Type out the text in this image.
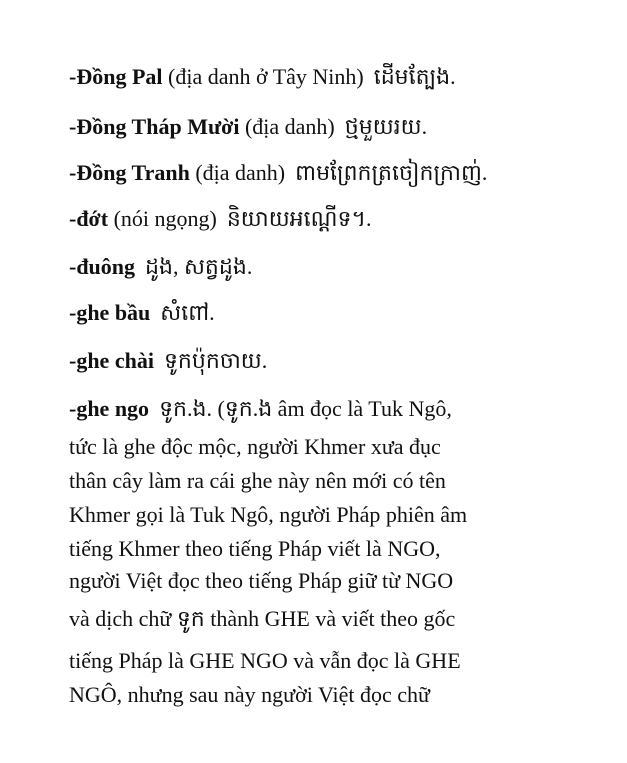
-Đồng Pal (địa danh ở Tây Ninh) ដើមត្បែង.
-Đồng Tháp Mười (địa danh) ថ្មមួយរយ.
-Đồng Tranh (địa danh) ពាមព្រែកត្រចៀកក្រាញ់.
-đớt (nói ngọng) និយាយអណ្តើទ។.
-đuông ដូង, សត្វដូង.
-ghe bầu សំពៅ.
-ghe chài ទូកប៉ុកចាយ.
-ghe ngo ទូក.ង. (ទូក.ង âm đọc là Tuk Ngô,
tức là ghe độc mộc, người Khmer xưa đục
thân cây làm ra cái ghe này nên mới có tên
Khmer gọi là Tuk Ngô, người Pháp phiên âm
tiếng Khmer theo tiếng Pháp viết là NGO,
người Việt đọc theo tiếng Pháp giữ từ NGO
và dịch chữ ទូក thành GHE và viết theo gốc
tiếng Pháp là GHE NGO và vẫn đọc là GHE
NGÔ, nhưng sau này người Việt đọc chữ
